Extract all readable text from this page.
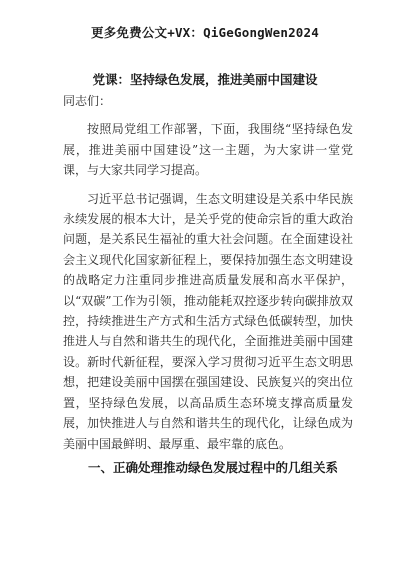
更多免费公文+VX：QiGeGongWen2024
党课：坚持绿色发展，推进美丽中国建设

同志们：

按照局党组工作部署，下面，我围绕“坚持绿色发展，推进美丽中国建设”这一主题，为大家讲一堂党课，与大家共同学习提高。

习近平总书记强调，生态文明建设是关系中华民族永续发展的根本大计，是关乎党的使命宗旨的重大政治问题，是关系民生福祉的重大社会问题。在全面建设社会主义现代化国家新征程上，要保持加强生态文明建设的战略定力注重同步推进高质量发展和高水平保护，以“双碳”工作为引领，推动能耗双控逐步转向碳排放双控，持续推进生产方式和生活方式绿色低碳转型，加快推进人与自然和谐共生的现代化，全面推进美丽中国建设。新时代新征程，要深入学习贯彻习近平生态文明思想，把建设美丽中国摆在强国建设、民族复兴的突出位置，坚持绿色发展，以高品质生态环境支撑高质量发展，加快推进人与自然和谐共生的现代化，让绿色成为美丽中国最鲜明、最厚重、最牢靠的底色。

一、正确处理推动绿色发展过程中的几组关系
